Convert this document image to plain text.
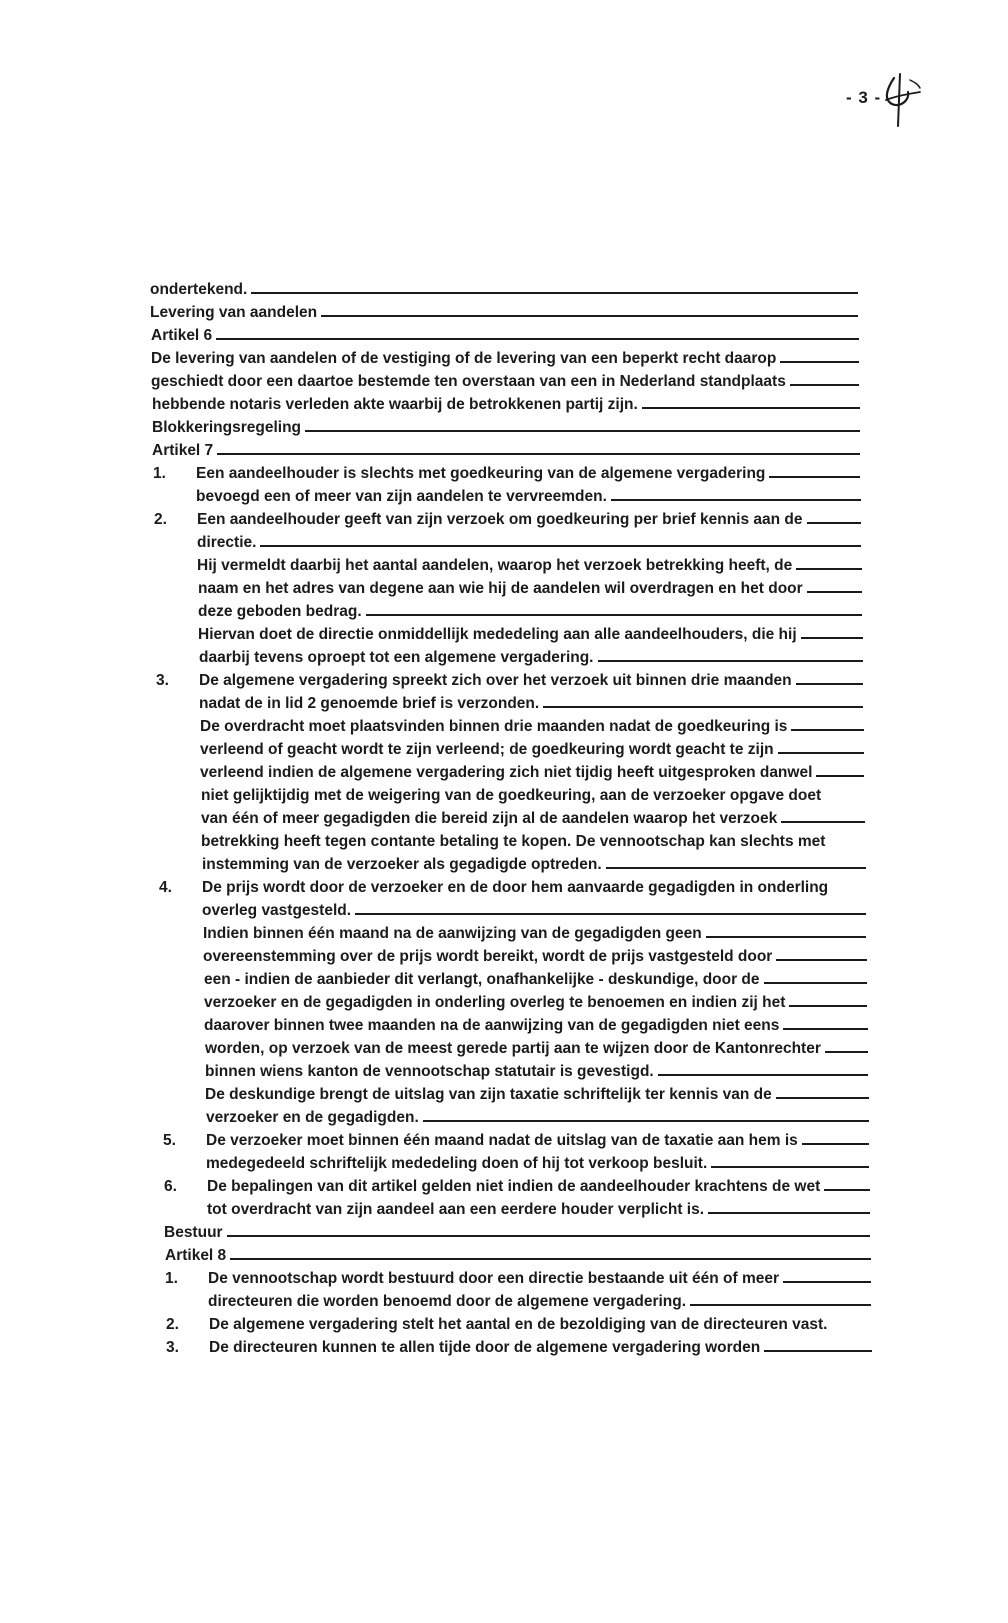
- 3 -
ondertekend.
Levering van aandelen
Artikel 6
De levering van aandelen of de vestiging of de levering van een beperkt recht daarop
geschiedt door een daartoe bestemde ten overstaan van een in Nederland standplaats
hebbende notaris verleden akte waarbij de betrokkenen partij zijn.
Blokkeringsregeling
Artikel 7
1. Een aandeelhouder is slechts met goedkeuring van de algemene vergadering
bevoegd een of meer van zijn aandelen te vervreemden.
2. Een aandeelhouder geeft van zijn verzoek om goedkeuring per brief kennis aan de
directie.
Hij vermeldt daarbij het aantal aandelen, waarop het verzoek betrekking heeft, de
naam en het adres van degene aan wie hij de aandelen wil overdragen en het door
deze geboden bedrag.
Hiervan doet de directie onmiddellijk mededeling aan alle aandeelhouders, die hij
daarbij tevens oproept tot een algemene vergadering.
3. De algemene vergadering spreekt zich over het verzoek uit binnen drie maanden
nadat de in lid 2 genoemde brief is verzonden.
De overdracht moet plaatsvinden binnen drie maanden nadat de goedkeuring is
verleend of geacht wordt te zijn verleend; de goedkeuring wordt geacht te zijn
verleend indien de algemene vergadering zich niet tijdig heeft uitgesproken danwel
niet gelijktijdig met de weigering van de goedkeuring, aan de verzoeker opgave doet
van één of meer gegadigden die bereid zijn al de aandelen waarop het verzoek
betrekking heeft tegen contante betaling te kopen. De vennootschap kan slechts met
instemming van de verzoeker als gegadigde optreden.
4. De prijs wordt door de verzoeker en de door hem aanvaarde gegadigden in onderling
overleg vastgesteld.
Indien binnen één maand na de aanwijzing van de gegadigden geen
overeenstemming over de prijs wordt bereikt, wordt de prijs vastgesteld door
een - indien de aanbieder dit verlangt, onafhankelijke - deskundige, door de
verzoeker en de gegadigden in onderling overleg te benoemen en indien zij het
daarover binnen twee maanden na de aanwijzing van de gegadigden niet eens
worden, op verzoek van de meest gerede partij aan te wijzen door de Kantonrechter
binnen wiens kanton de vennootschap statutair is gevestigd.
De deskundige brengt de uitslag van zijn taxatie schriftelijk ter kennis van de
verzoeker en de gegadigden.
5. De verzoeker moet binnen één maand nadat de uitslag van de taxatie aan hem is
medegedeeld schriftelijk mededeling doen of hij tot verkoop besluit.
6. De bepalingen van dit artikel gelden niet indien de aandeelhouder krachtens de wet
tot overdracht van zijn aandeel aan een eerdere houder verplicht is.
Bestuur
Artikel 8
1. De vennootschap wordt bestuurd door een directie bestaande uit één of meer
directeuren die worden benoemd door de algemene vergadering.
2. De algemene vergadering stelt het aantal en de bezoldiging van de directeuren vast.
3. De directeuren kunnen te allen tijde door de algemene vergadering worden
